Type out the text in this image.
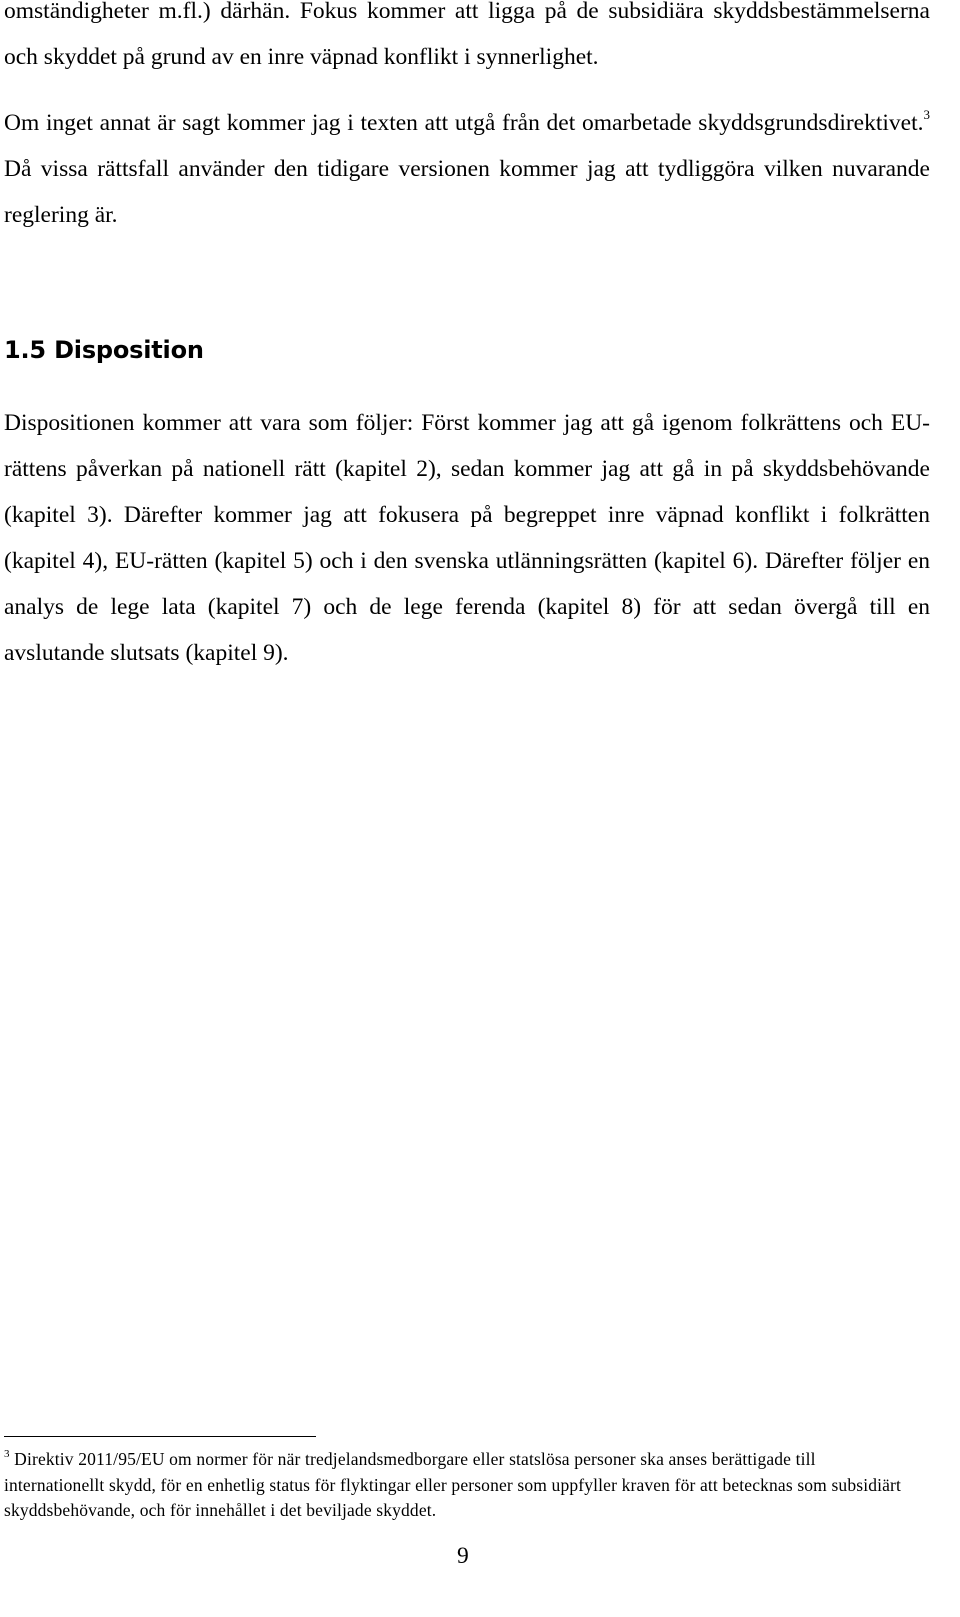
omständigheter m.fl.) därhän. Fokus kommer att ligga på de subsidiära skyddsbestämmelserna och skyddet på grund av en inre väpnad konflikt i synnerlighet.

Om inget annat är sagt kommer jag i texten att utgå från det omarbetade skyddsgrundsdirektivet.$^3$ Då vissa rättsfall använder den tidigare versionen kommer jag att tydliggöra vilken nuvarande reglering är.

1.5 Disposition

Dispositionen kommer att vara som följer: Först kommer jag att gå igenom folkrättens och EU-rättens påverkan på nationell rätt (kapitel 2), sedan kommer jag att gå in på skyddsbehövande (kapitel 3). Därefter kommer jag att fokusera på begreppet inre väpnad konflikt i folkrätten (kapitel 4), EU-rätten (kapitel 5) och i den svenska utlänningsrätten (kapitel 6). Därefter följer en analys de lege lata (kapitel 7) och de lege ferenda (kapitel 8) för att sedan övergå till en avslutande slutsats (kapitel 9).

$^3$ Direktiv 2011/95/EU om normer för när tredjelandsmedborgare eller statslösa personer ska anses berättigade till internationellt skydd, för en enhetlig status för flyktingar eller personer som uppfyller kraven för att betecknas som subsidiärt skyddsbehövande, och för innehållet i det beviljade skyddet.

9
